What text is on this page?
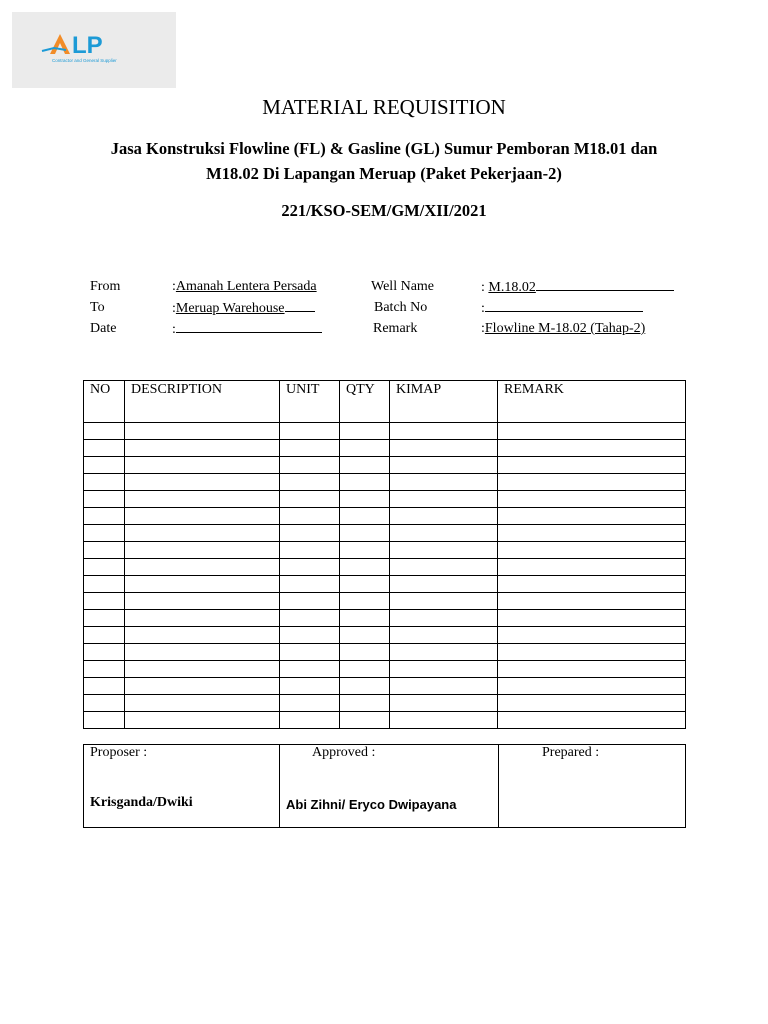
LP
Contractor and General Supplier
MATERIAL REQUISITION
Jasa Konstruksi Flowline (FL) & Gasline (GL) Sumur Pemboran M18.01 dan
M18.02 Di Lapangan Meruap (Paket Pekerjaan-2)
221/KSO-SEM/GM/XII/2021
From	:Amanah Lentera Persada
To	:Meruap Warehouse
Date	:
Well Name	: M.18.02
Batch No	:
Remark	:Flowline M-18.02 (Tahap-2)
NO	DESCRIPTION	UNIT	QTY	KIMAP	REMARK

Proposer :
Krisganda/Dwiki

Approved :
Abi Zihni/ Eryco Dwipayana

Prepared :
